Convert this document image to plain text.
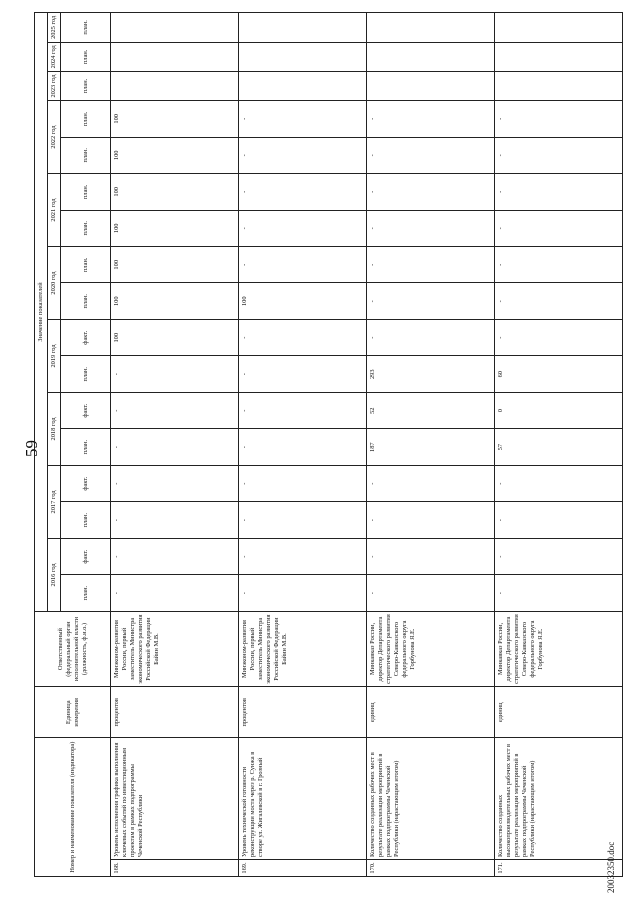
59
Номер и наименование показателя (индикатора)		Единица измерения	Ответственный (федеральный орган исполнительной власти (должность, ф.и.о.)	Значение показателей																
				2016 год		2017 год		2018 год		2019 год		2020 год		2021 год		2022 год		2023 год	2024 год	2025 год
				план.	факт.	план.	факт.	план.	факт.	план.	факт.	план.	план.	план.	план.	план.	план.	план.	план.	план.
168.	Уровень исполнения графика выполнения ключевых событий по инвестиционным проектам в рамках подпрограммы Чеченской Республики	процентов	Минэконом-развития России, первый заместитель Министра экономического развития Российской Федерации Байин М.В.	-	-	-	-	-	-	-	100	100	100	100	100	100	100			
169.	Уровень технической готовности реконструкции моста через р. Сунжа в створе ул. Жигалевской в г. Грозный	процентов	Минэконом-развития России, первый заместитель Министра экономического развития Российской Федерации Байин М.В.	-	-	-	-	-	-	-	-	100	-	-	-	-	-			
170.	Количество созданных рабочих мест в результате реализации мероприятий в рамках подпрограммы Чеченской Республики (нарастающим итогом)	единиц	Минкавказ России, директор Департамента стратегического развития Северо-Кавказского федерального округа Горбунова Я.Е.	-	-	-	-	187	52	293	-	-	-	-	-	-	-			
171.	Количество созданных высокопроизводительных рабочих мест в результате реализации мероприятий в рамках подпрограммы Чеченской Республики (нарастающим итогом)	единиц	Минкавказ России, директор Департамента стратегического развития Северо-Кавказского федерального округа Горбунова Я.Е.	-	-	-	-	57	0	60	-	-	-	-	-	-	-			
20032350.doc
